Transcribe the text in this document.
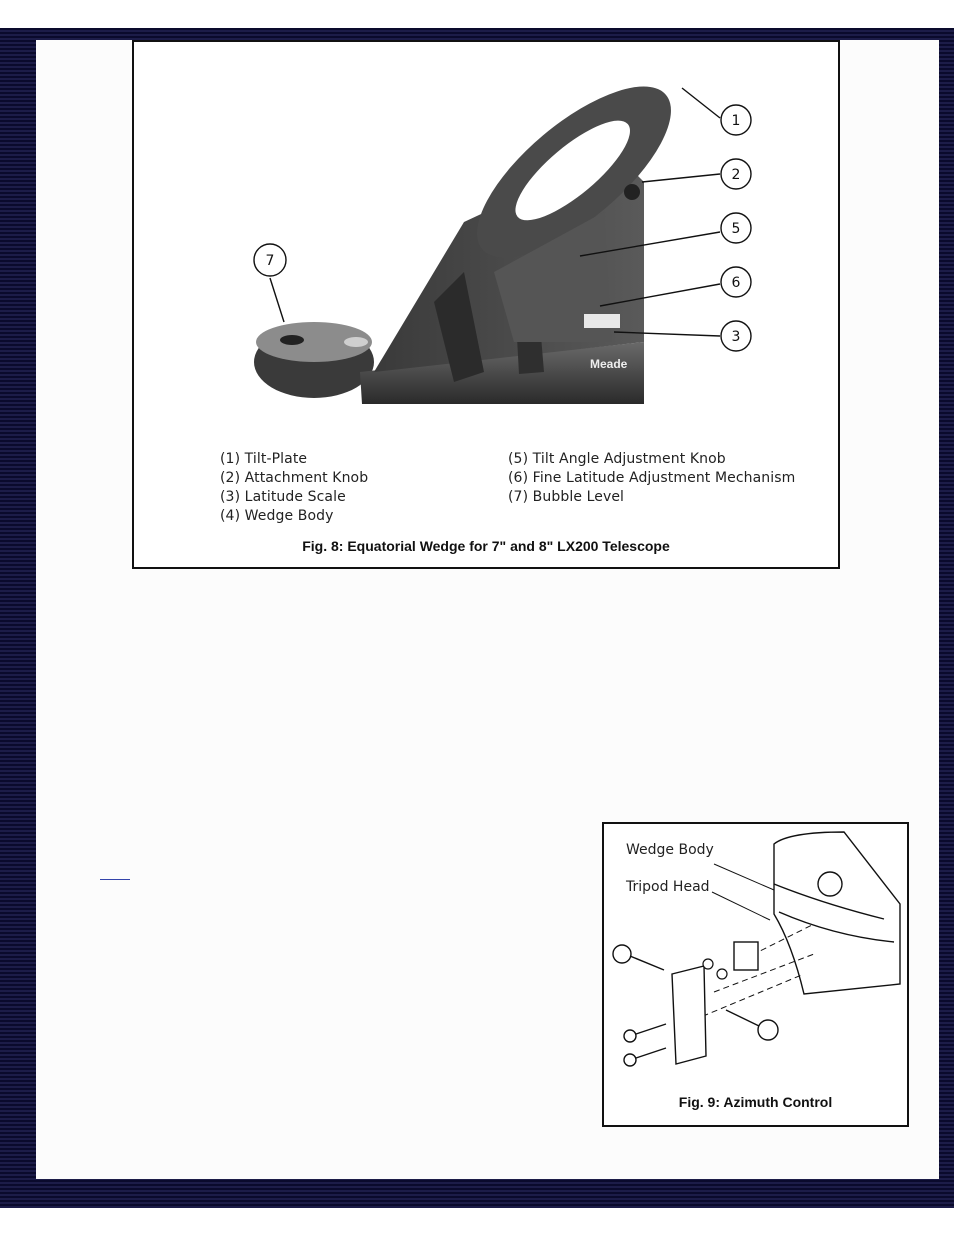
Meade
1
2
5
6
3
7
(1) Tilt-Plate
(2) Attachment Knob
(3) Latitude Scale
(4) Wedge Body
(5) Tilt Angle Adjustment Knob
(6) Fine Latitude Adjustment Mechanism
(7) Bubble Level
Fig. 8: Equatorial Wedge for 7" and 8" LX200 Telescope
Wedge Body
Tripod Head
Fig. 9: Azimuth Control
